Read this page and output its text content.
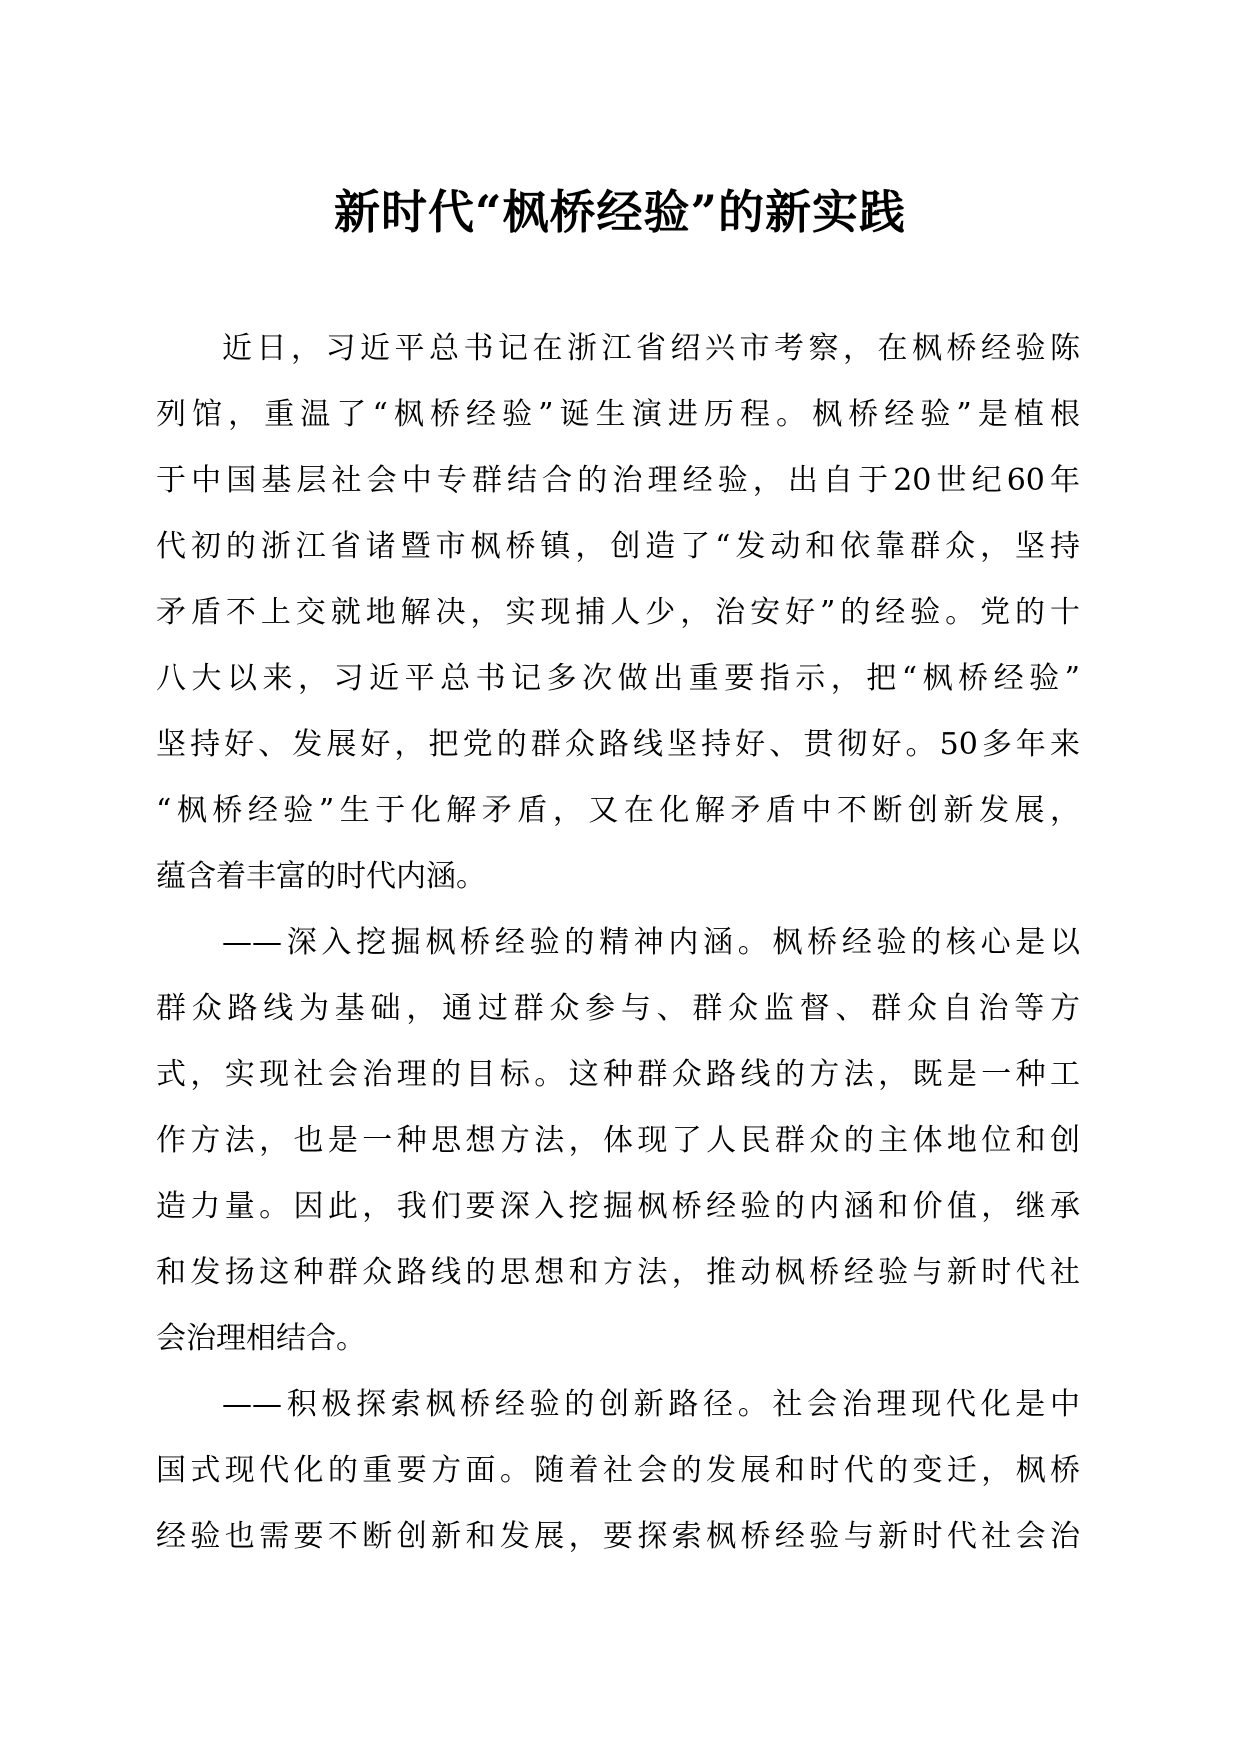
新时代“枫桥经验”的新实践
近日，习近平总书记在浙江省绍兴市考察，在枫桥经验陈
列馆，重温了“枫桥经验”诞生演进历程。枫桥经验”是植根
于中国基层社会中专群结合的治理经验，出自于20世纪60年
代初的浙江省诸暨市枫桥镇，创造了“发动和依靠群众，坚持
矛盾不上交就地解决，实现捕人少，治安好”的经验。党的十
八大以来，习近平总书记多次做出重要指示，把“枫桥经验”
坚持好、发展好，把党的群众路线坚持好、贯彻好。50多年来
“枫桥经验”生于化解矛盾，又在化解矛盾中不断创新发展，
蕴含着丰富的时代内涵。
——深入挖掘枫桥经验的精神内涵。枫桥经验的核心是以
群众路线为基础，通过群众参与、群众监督、群众自治等方
式，实现社会治理的目标。这种群众路线的方法，既是一种工
作方法，也是一种思想方法，体现了人民群众的主体地位和创
造力量。因此，我们要深入挖掘枫桥经验的内涵和价值，继承
和发扬这种群众路线的思想和方法，推动枫桥经验与新时代社
会治理相结合。
——积极探索枫桥经验的创新路径。社会治理现代化是中
国式现代化的重要方面。随着社会的发展和时代的变迁，枫桥
经验也需要不断创新和发展，要探索枫桥经验与新时代社会治
